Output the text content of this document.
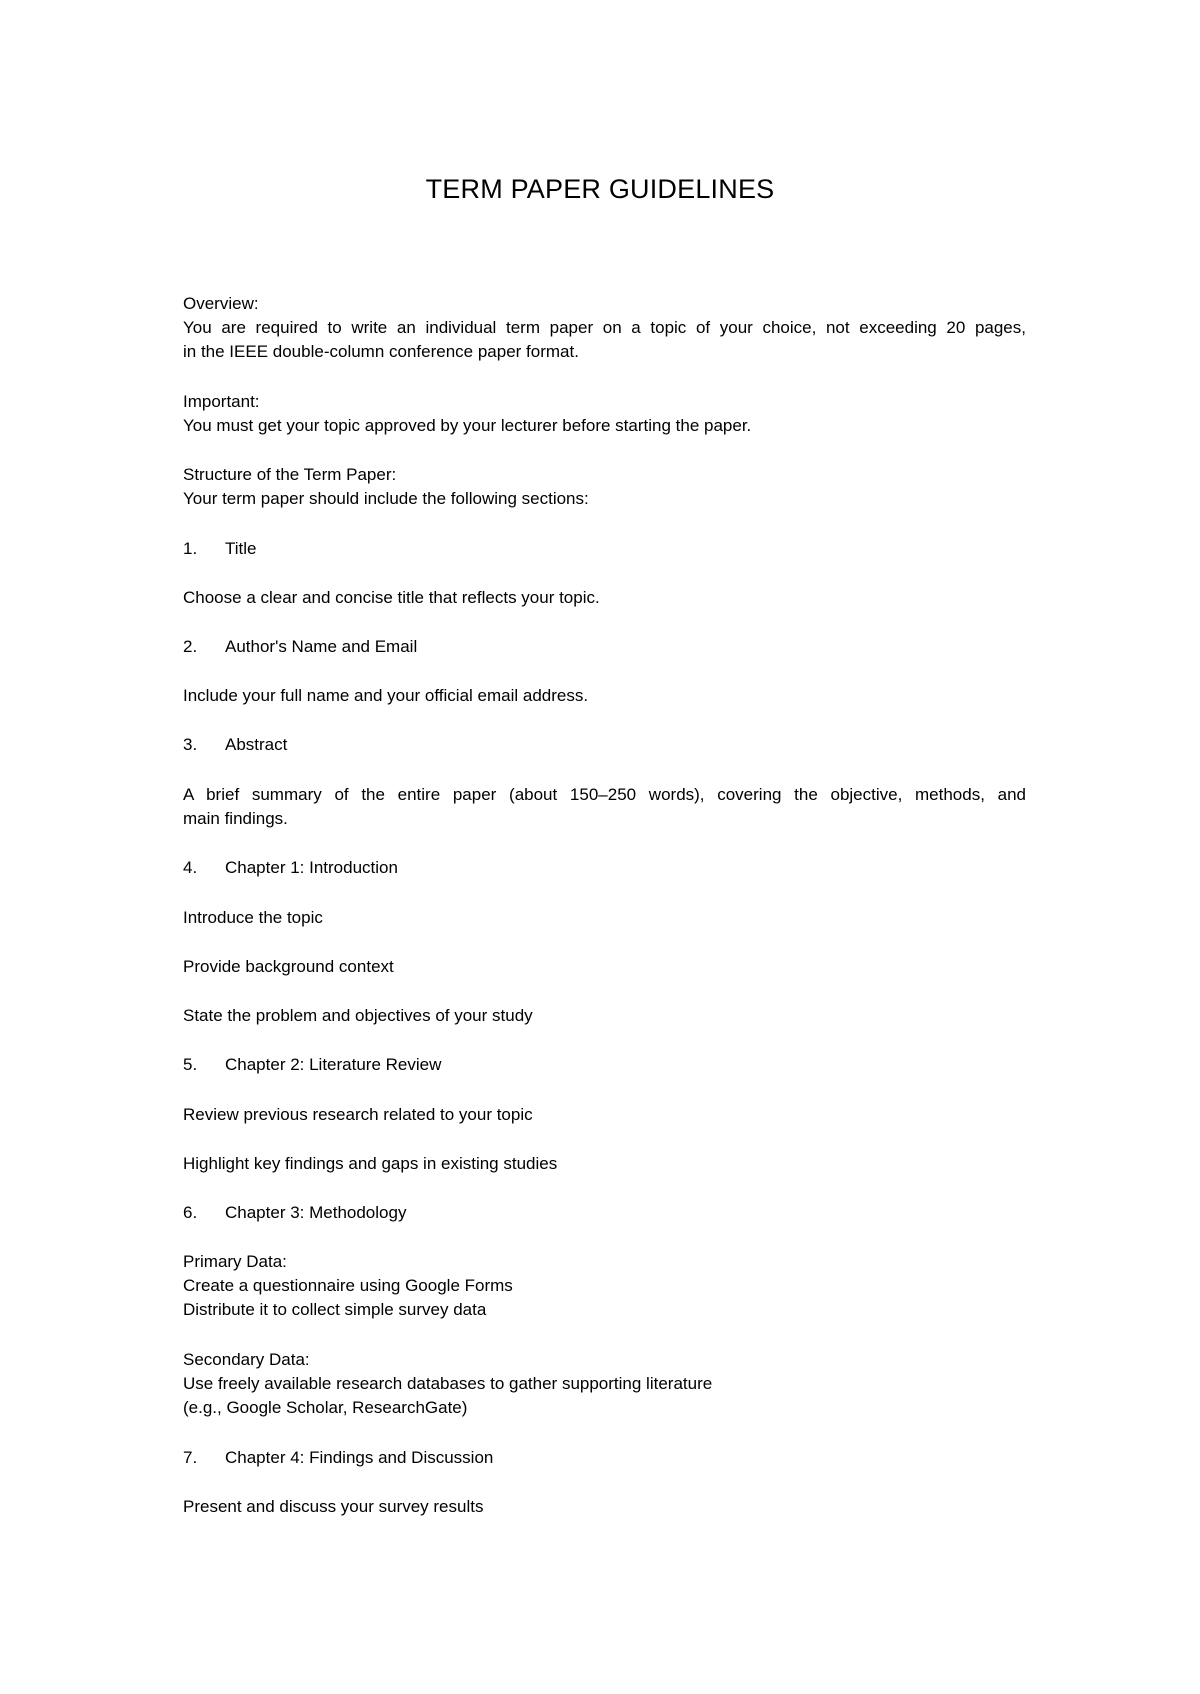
TERM PAPER GUIDELINES
Overview:
You are required to write an individual term paper on a topic of your choice, not exceeding 20 pages,
in the IEEE double-column conference paper format.
Important:
You must get your topic approved by your lecturer before starting the paper.
Structure of the Term Paper:
Your term paper should include the following sections:
1. Title
Choose a clear and concise title that reflects your topic.
2. Author's Name and Email
Include your full name and your official email address.
3. Abstract
A brief summary of the entire paper (about 150–250 words), covering the objective, methods, and
main findings.
4. Chapter 1: Introduction
Introduce the topic
Provide background context
State the problem and objectives of your study
5. Chapter 2: Literature Review
Review previous research related to your topic
Highlight key findings and gaps in existing studies
6. Chapter 3: Methodology
Primary Data:
Create a questionnaire using Google Forms
Distribute it to collect simple survey data
Secondary Data:
Use freely available research databases to gather supporting literature
(e.g., Google Scholar, ResearchGate)
7. Chapter 4: Findings and Discussion
Present and discuss your survey results
